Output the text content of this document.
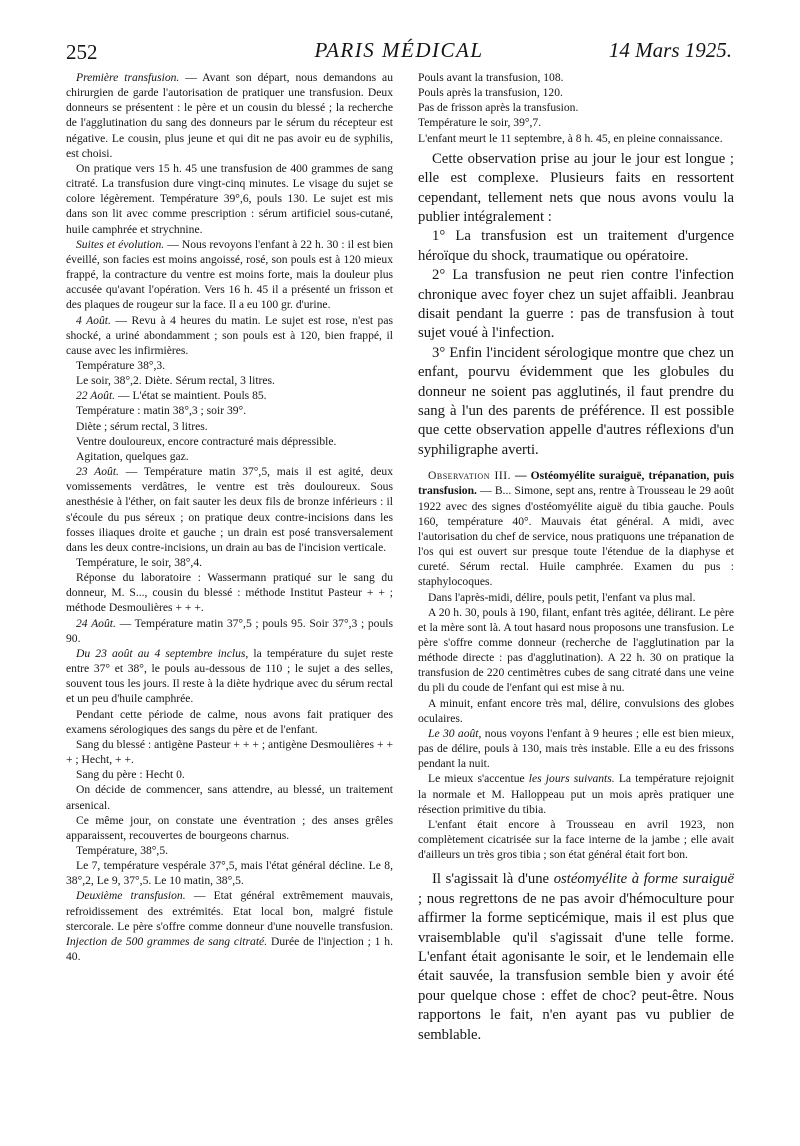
252	PARIS MÉDICAL	14 Mars 1925.

Première transfusion. — Avant son départ, nous demandons au chirurgien de garde l'autorisation de pratiquer une transfusion. Deux donneurs se présentent : le père et un cousin du blessé ; la recherche de l'agglutination du sang des donneurs par le sérum du récepteur est négative. Le cousin, plus jeune et qui dit ne pas avoir eu de syphilis, est choisi.

On pratique vers 15 h. 45 une transfusion de 400 grammes de sang citraté. La transfusion dure vingt-cinq minutes. Le visage du sujet se colore légèrement. Température 39°,6, pouls 130. Le sujet est mis dans son lit avec comme prescription : sérum artificiel sous-cutané, huile camphrée et strychnine.

Suites et évolution. — Nous revoyons l'enfant à 22 h. 30 : il est bien éveillé, son facies est moins angoissé, rosé, son pouls est à 120 mieux frappé, la contracture du ventre est moins forte, mais la douleur plus accusée qu'avant l'opération. Vers 16 h. 45 il a présenté un frisson et des plaques de rougeur sur la face. Il a eu 100 gr. d'urine.

4 Août. — Revu à 4 heures du matin. Le sujet est rose, n'est pas shocké, a uriné abondamment ; son pouls est à 120, bien frappé, il cause avec les infirmières.

Température 38°,3.

Le soir, 38°,2. Diète. Sérum rectal, 3 litres.

22 Août. — L'état se maintient. Pouls 85.

Température : matin 38°,3 ; soir 39°.

Diète ; sérum rectal, 3 litres.

Ventre douloureux, encore contracturé mais dépressible.

Agitation, quelques gaz.

23 Août. — Température matin 37°,5, mais il est agité, deux vomissements verdâtres, le ventre est très douloureux. Sous anesthésie à l'éther, on fait sauter les deux fils de bronze inférieurs : il s'écoule du pus séreux ; on pratique deux contre-incisions dans les fosses iliaques droite et gauche ; un drain est posé transversalement dans les deux contre-incisions, un drain au bas de l'incision verticale.

Température, le soir, 38°,4.

Réponse du laboratoire : Wassermann pratiqué sur le sang du donneur, M. S..., cousin du blessé : méthode Institut Pasteur + + ; méthode Desmoulières + + +.

24 Août. — Température matin 37°,5 ; pouls 95. Soir 37°,3 ; pouls 90.

Du 23 août au 4 septembre inclus, la température du sujet reste entre 37° et 38°, le pouls au-dessous de 110 ; le sujet a des selles, souvent tous les jours. Il reste à la diète hydrique avec du sérum rectal et un peu d'huile camphrée.

Pendant cette période de calme, nous avons fait pratiquer des examens sérologiques des sangs du père et de l'enfant.

Sang du blessé : antigène Pasteur + + + ; antigène Desmoulières + + + ; Hecht, + +.

Sang du père : Hecht 0.

On décide de commencer, sans attendre, au blessé, un traitement arsenical.

Ce même jour, on constate une éventration ; des anses grêles apparaissent, recouvertes de bourgeons charnus.

Température, 38°,5.

Le 7, température vespérale 37°,5, mais l'état général décline. Le 8, 38°,2, Le 9, 37°,5. Le 10 matin, 38°,5.

Deuxième transfusion. — Etat général extrêmement mauvais, refroidissement des extrémités. Etat local bon, malgré fistule stercorale. Le père s'offre comme donneur d'une nouvelle transfusion. Injection de 500 grammes de sang citraté. Durée de l'injection ; 1 h. 40.

Pouls avant la transfusion, 108.

Pouls après la transfusion, 120.

Pas de frisson après la transfusion.

Température le soir, 39°,7.

L'enfant meurt le 11 septembre, à 8 h. 45, en pleine connaissance.

Cette observation prise au jour le jour est longue ; elle est complexe. Plusieurs faits en ressortent cependant, tellement nets que nous avons voulu la publier intégralement :

1° La transfusion est un traitement d'urgence héroïque du shock, traumatique ou opératoire.

2° La transfusion ne peut rien contre l'infection chronique avec foyer chez un sujet affaibli. Jeanbrau disait pendant la guerre : pas de transfusion à tout sujet voué à l'infection.

3° Enfin l'incident sérologique montre que chez un enfant, pourvu évidemment que les globules du donneur ne soient pas agglutinés, il faut prendre du sang à l'un des parents de préférence. Il est possible que cette observation appelle d'autres réflexions d'un syphiligraphe averti.

Observation III. — Ostéomyélite suraiguë, trépanation, puis transfusion. — B... Simone, sept ans, rentre à Trousseau le 29 août 1922 avec des signes d'ostéomyélite aiguë du tibia gauche. Pouls 160, température 40°. Mauvais état général. A midi, avec l'autorisation du chef de service, nous pratiquons une trépanation de l'os qui est ouvert sur presque toute l'étendue de la diaphyse et cureté. Sérum rectal. Huile camphrée. Examen du pus : staphylocoques.

Dans l'après-midi, délire, pouls petit, l'enfant va plus mal.

A 20 h. 30, pouls à 190, filant, enfant très agitée, délirant. Le père et la mère sont là. A tout hasard nous proposons une transfusion. Le père s'offre comme donneur (recherche de l'agglutination par la méthode directe : pas d'agglutination). A 22 h. 30 on pratique la transfusion de 220 centimètres cubes de sang citraté dans une veine du pli du coude de l'enfant qui est mise à nu.

A minuit, enfant encore très mal, délire, convulsions des globes oculaires.

Le 30 août, nous voyons l'enfant à 9 heures ; elle est bien mieux, pas de délire, pouls à 130, mais très instable. Elle a eu des frissons pendant la nuit.

Le mieux s'accentue les jours suivants. La température rejoignit la normale et M. Halloppeau put un mois après pratiquer une résection primitive du tibia.

L'enfant était encore à Trousseau en avril 1923, non complètement cicatrisée sur la face interne de la jambe ; elle avait d'ailleurs un très gros tibia ; son état général était fort bon.

Il s'agissait là d'une ostéomyélite à forme suraiguë ; nous regrettons de ne pas avoir d'hémoculture pour affirmer la forme septicémique, mais il est plus que vraisemblable qu'il s'agissait d'une telle forme. L'enfant était agonisante le soir, et le lendemain elle était sauvée, la transfusion semble bien y avoir été pour quelque chose : effet de choc? peut-être. Nous rapportons le fait, n'en ayant pas vu publier de semblable.
